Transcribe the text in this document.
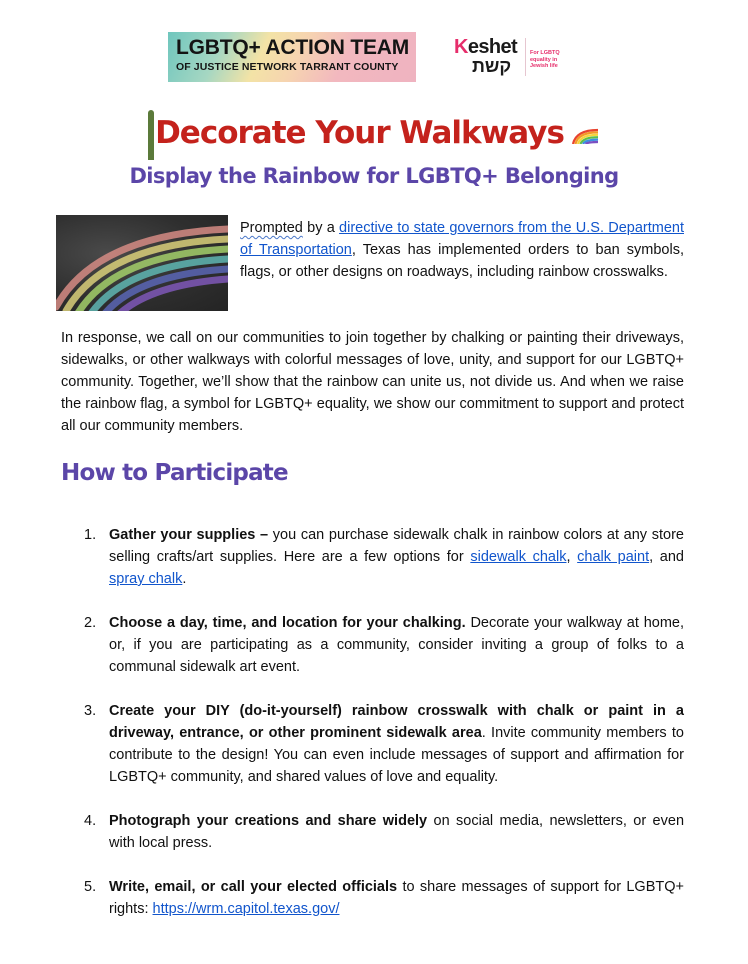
LGBTQ+ ACTION TEAM
OF JUSTICE NETWORK TARRANT COUNTY
Keshet
קשת
For LGBTQ
equality in
Jewish life
Decorate Your Walkways
Display the Rainbow for LGBTQ+ Belonging
Prompted by a directive to state governors from the U.S. Department of Transportation, Texas has implemented orders to ban symbols, flags, or other designs on roadways, including rainbow crosswalks.
In response, we call on our communities to join together by chalking or painting their driveways, sidewalks, or other walkways with colorful messages of love, unity, and support for our LGBTQ+ community. Together, we’ll show that the rainbow can unite us, not divide us. And when we raise the rainbow flag, a symbol for LGBTQ+ equality, we show our commitment to support and protect all our community members.
How to Participate
1. Gather your supplies – you can purchase sidewalk chalk in rainbow colors at any store selling crafts/art supplies. Here are a few options for sidewalk chalk, chalk paint, and spray chalk.
2. Choose a day, time, and location for your chalking. Decorate your walkway at home, or, if you are participating as a community, consider inviting a group of folks to a communal sidewalk art event.
3. Create your DIY (do-it-yourself) rainbow crosswalk with chalk or paint in a driveway, entrance, or other prominent sidewalk area. Invite community members to contribute to the design! You can even include messages of support and affirmation for LGBTQ+ community, and shared values of love and equality.
4. Photograph your creations and share widely on social media, newsletters, or even with local press.
5. Write, email, or call your elected officials to share messages of support for LGBTQ+ rights: https://wrm.capitol.texas.gov/
